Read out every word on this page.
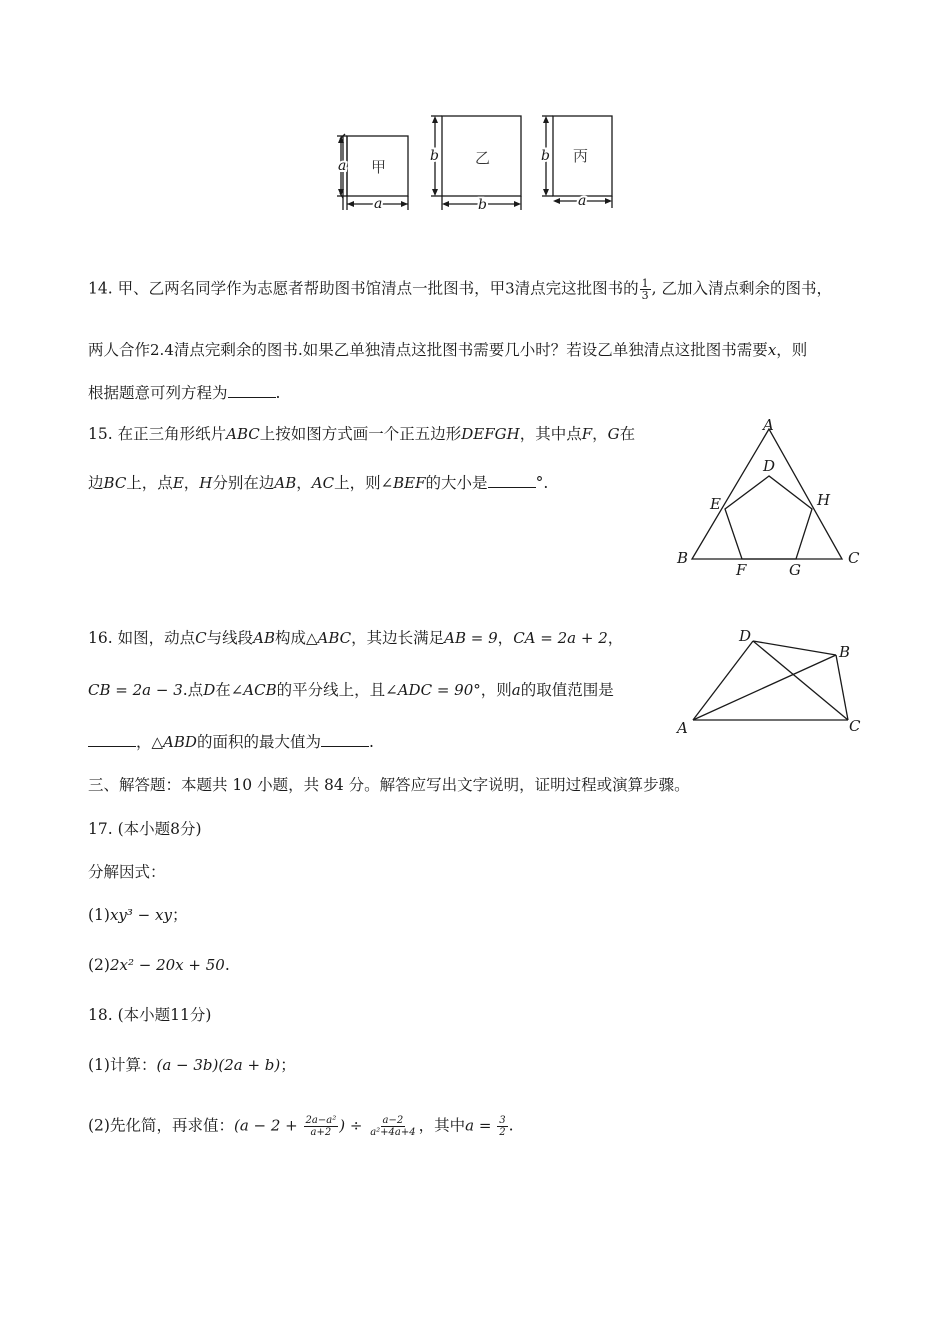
甲	乙	丙
a
a
b
b
b
a
14. 甲、乙两名同学作为志愿者帮助图书馆清点一批图书，甲3清点完这批图书的 $\frac{1}{3}$ , 乙加入清点剩余的图书，
两人合作2.4清点完剩余的图书.如果乙单独清点这批图书需要几小时？若设乙单独清点这批图书需要x，则
根据题意可列方程为	.
15. 在正三角形纸片ABC上按如图方式画一个正五边形DEFGH，其中点F，G在
边BC上，点E，H分别在边AB，AC上，则∠BEF的大小是	°.
A
D
E	H
B
F	G
C
16. 如图，动点C与线段AB构成△ABC，其边长满足AB = 9，CA = 2a + 2，
CB = 2a − 3.点D在∠ACB的平分线上，且∠ADC = 90°，则a的取值范围是
，△ABD的面积的最大值为	.
D
B
A	C
三、解答题：本题共 10 小题，共 84 分。解答应写出文字说明，证明过程或演算步骤。
17. (本小题8分)
分解因式：
(1)xy³ − xy；
(2)2x² − 20x + 50.
18. (本小题11分)
(1)计算：(a − 3b)(2a + b)；
(2)先化简，再求值：($a - 2 + \frac{\text{2a−a²}}{a+2}$ ) ÷ $\frac{a-2}{\text{a²+4a+4}}$ ，其中$a = \frac{3}{2}$ .
